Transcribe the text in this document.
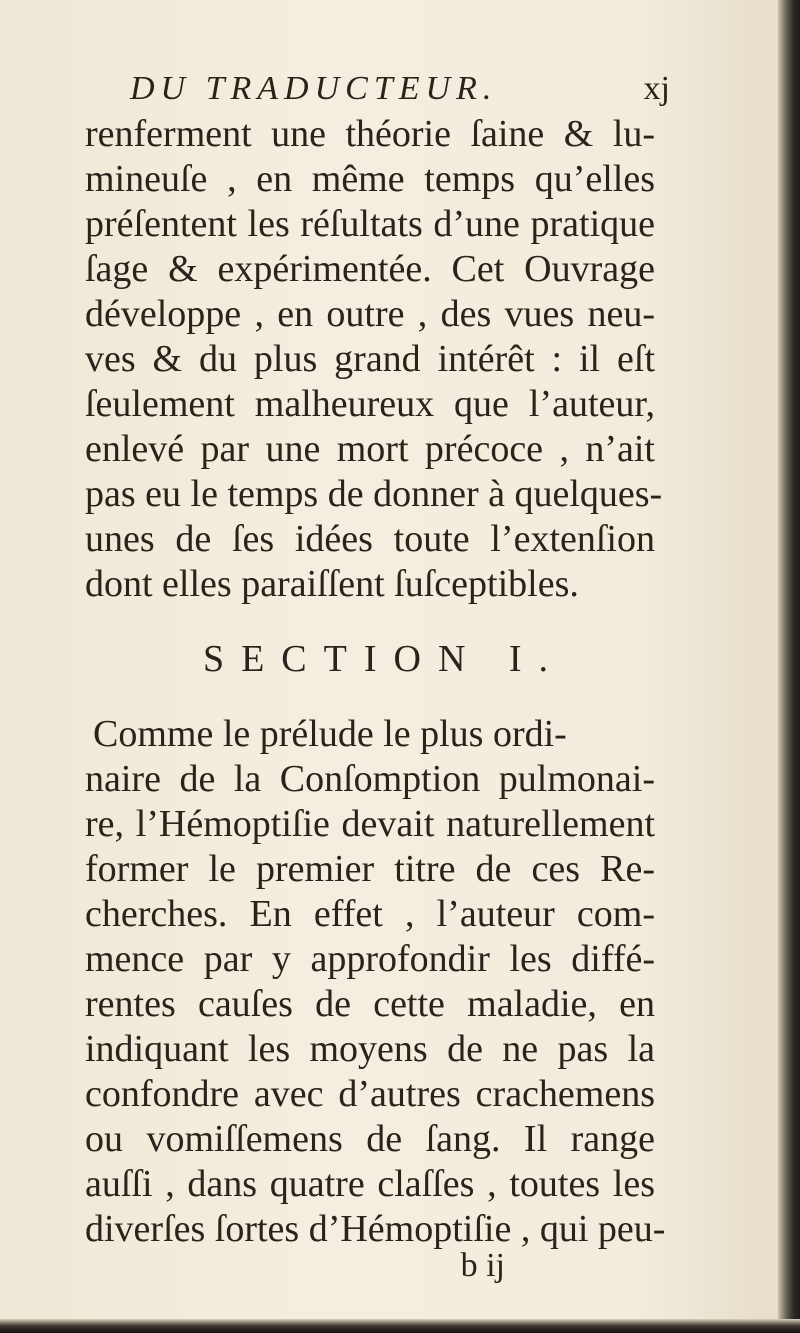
DU TRADUCTEUR.	xj
renferment une théorie ſaine & lu-
mineuſe , en même temps qu’elles
préſentent les réſultats d’une pratique
ſage & expérimentée. Cet Ouvrage
développe , en outre , des vues neu-
ves & du plus grand intérêt : il eſt
ſeulement malheureux que l’auteur,
enlevé par une mort précoce , n’ait
pas eu le temps de donner à quelques-
unes de ſes idées toute l’extenſion
dont elles paraiſſent ſuſceptibles.
SECTION I.
Comme le prélude le plus ordi-
naire de la Conſomption pulmonai-
re, l’Hémoptiſie devait naturellement
former le premier titre de ces Re-
cherches. En effet , l’auteur com-
mence par y approfondir les diffé-
rentes cauſes de cette maladie, en
indiquant les moyens de ne pas la
confondre avec d’autres crachemens
ou vomiſſemens de ſang. Il range
auſſi , dans quatre claſſes , toutes les
diverſes ſortes d’Hémoptiſie , qui peu-
b ij
